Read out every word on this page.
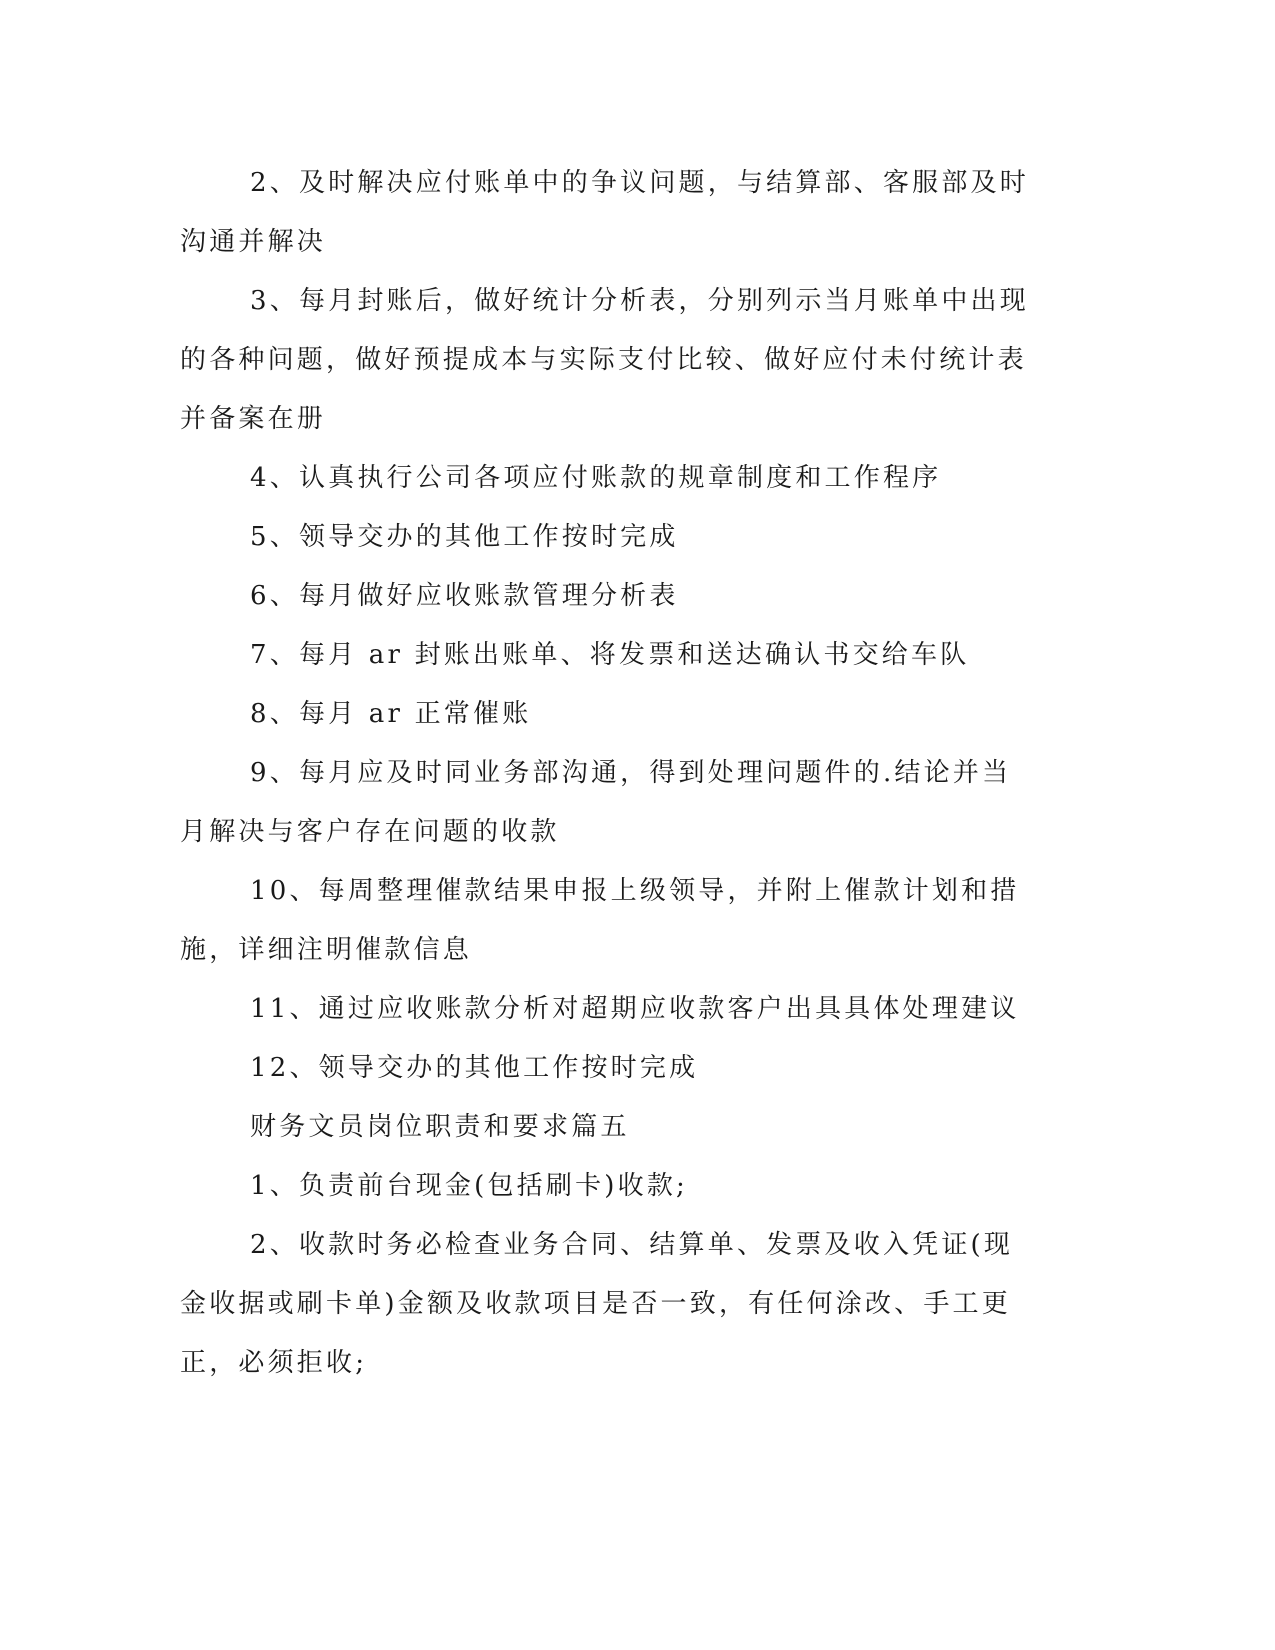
2、及时解决应付账单中的争议问题，与结算部、客服部及时沟通并解决

3、每月封账后，做好统计分析表，分别列示当月账单中出现的各种问题，做好预提成本与实际支付比较、做好应付未付统计表并备案在册

4、认真执行公司各项应付账款的规章制度和工作程序

5、领导交办的其他工作按时完成

6、每月做好应收账款管理分析表

7、每月 ar 封账出账单、将发票和送达确认书交给车队

8、每月 ar 正常催账

9、每月应及时同业务部沟通，得到处理问题件的.结论并当月解决与客户存在问题的收款

10、每周整理催款结果申报上级领导，并附上催款计划和措施，详细注明催款信息

11、通过应收账款分析对超期应收款客户出具具体处理建议

12、领导交办的其他工作按时完成

财务文员岗位职责和要求篇五

1、负责前台现金(包括刷卡)收款;

2、收款时务必检查业务合同、结算单、发票及收入凭证(现金收据或刷卡单)金额及收款项目是否一致，有任何涂改、手工更正，必须拒收;
